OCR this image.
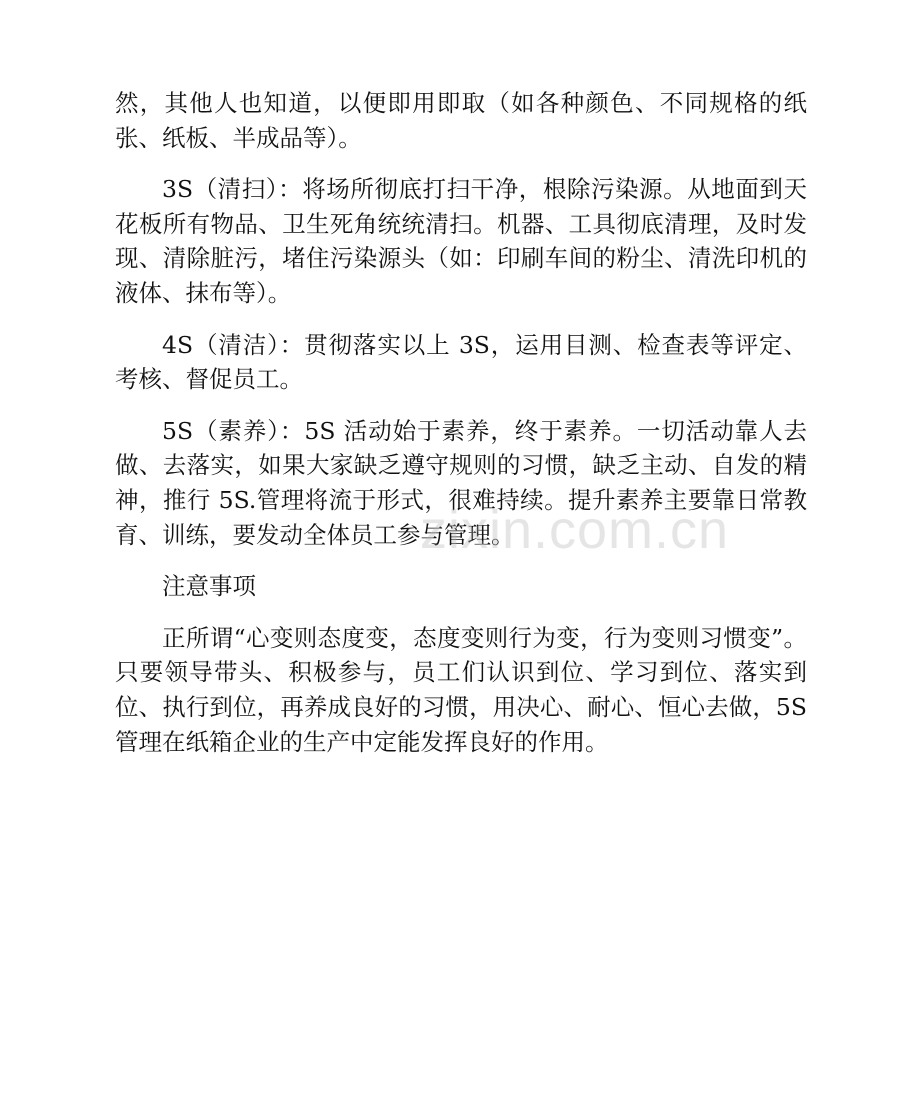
然，其他人也知道，以便即用即取（如各种颜色、不同规格的纸张、纸板、半成品等）。

3S（清扫）：将场所彻底打扫干净，根除污染源。从地面到天花板所有物品、卫生死角统统清扫。机器、工具彻底清理，及时发现、清除脏污，堵住污染源头（如：印刷车间的粉尘、清洗印机的液体、抹布等）。

4S（清洁）：贯彻落实以上 3S，运用目测、检查表等评定、考核、督促员工。

5S（素养）：5S 活动始于素养，终于素养。一切活动靠人去做、去落实，如果大家缺乏遵守规则的习惯，缺乏主动、自发的精神，推行 5S.管理将流于形式，很难持续。提升素养主要靠日常教育、训练，要发动全体员工参与管理。

注意事项

正所谓“心变则态度变，态度变则行为变，行为变则习惯变”。只要领导带头、积极参与，员工们认识到位、学习到位、落实到位、执行到位，再养成良好的习惯，用决心、耐心、恒心去做，5S 管理在纸箱企业的生产中定能发挥良好的作用。

zixin.com.cn
